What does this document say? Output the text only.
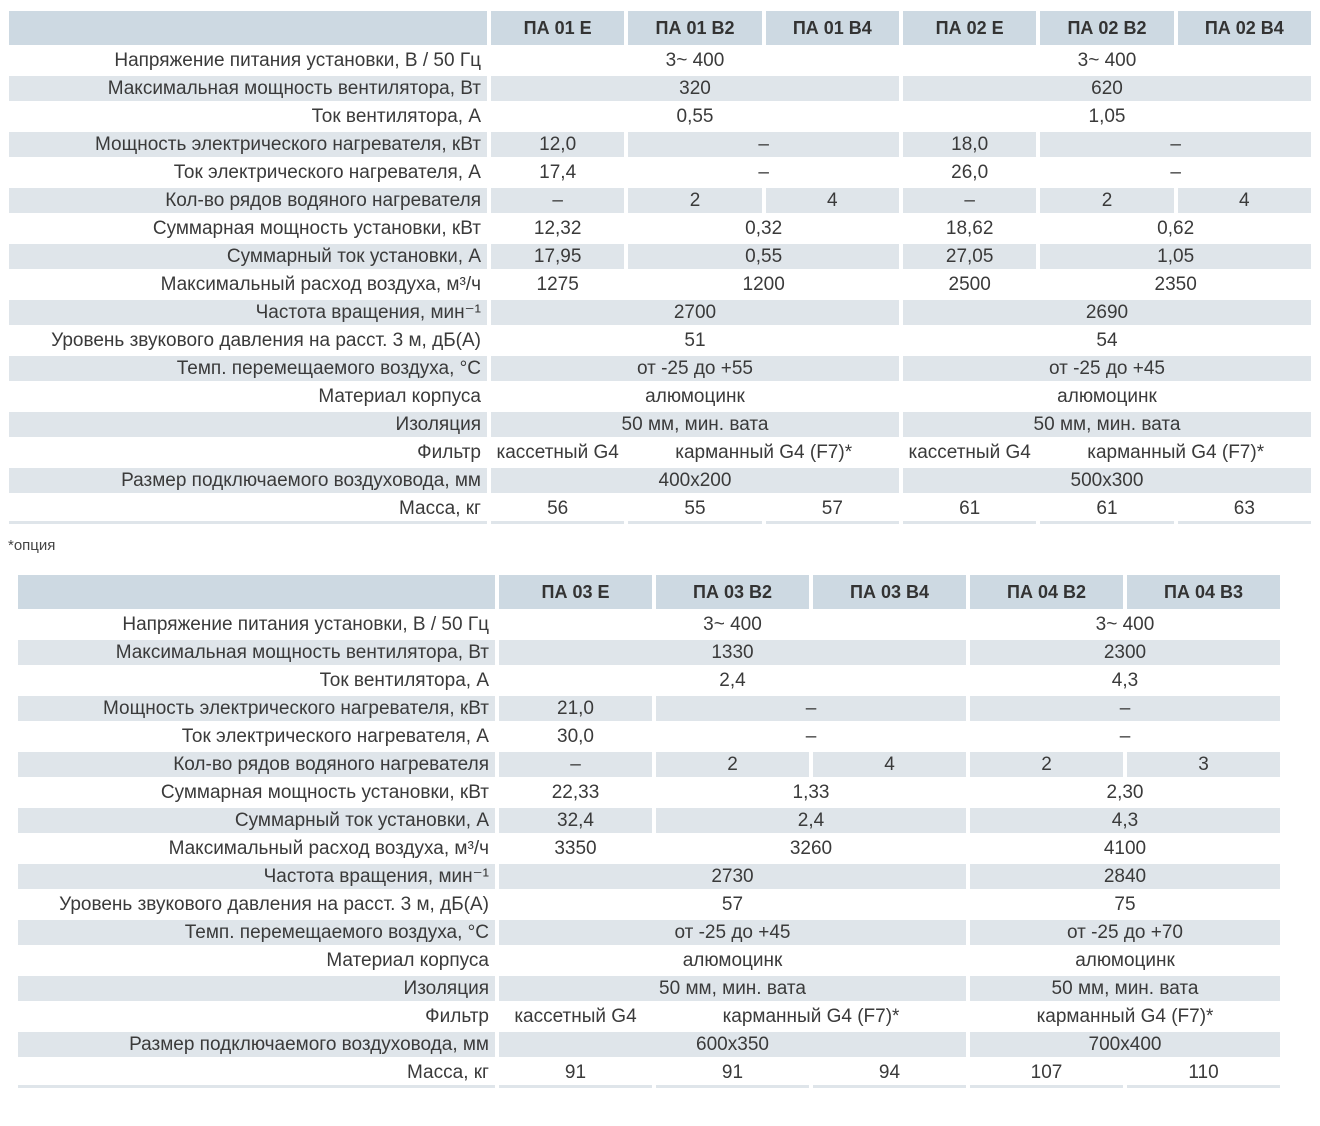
	ПА 01 E	ПА 01 B2	ПА 01 B4	ПА 02 E	ПА 02 B2	ПА 02 B4
Напряжение питания установки, В / 50 Гц	3~ 400			3~ 400		
Максимальная мощность вентилятора, Вт	320			620		
Ток вентилятора, А	0,55			1,05		
Мощность электрического нагревателя, кВт	12,0	–		18,0	–	
Ток электрического нагревателя, А	17,4	–		26,0	–	
Кол-во рядов водяного нагревателя	–	2	4	–	2	4
Суммарная мощность установки, кВт	12,32	0,32		18,62	0,62	
Суммарный ток установки, А	17,95	0,55		27,05	1,05	
Максимальный расход воздуха, м³/ч	1275	1200		2500	2350	
Частота вращения, мин⁻¹	2700			2690		
Уровень звукового давления на расст. 3 м, дБ(А)	51			54		
Темп. перемещаемого воздуха, °С	от -25 до +55			от -25 до +45		
Материал корпуса	алюмоцинк			алюмоцинк		
Изоляция	50 мм, мин. вата			50 мм, мин. вата		
Фильтр	кассетный G4	карманный G4 (F7)*		кассетный G4	карманный G4 (F7)*	
Размер подключаемого воздуховода, мм	400x200			500x300		
Масса, кг	56	55	57	61	61	63
*опция
	ПА 03 E	ПА 03 B2	ПА 03 B4	ПА 04 B2	ПА 04 B3
Напряжение питания установки, В / 50 Гц	3~ 400			3~ 400	
Максимальная мощность вентилятора, Вт	1330			2300	
Ток вентилятора, А	2,4			4,3	
Мощность электрического нагревателя, кВт	21,0	–		–	
Ток электрического нагревателя, А	30,0	–		–	
Кол-во рядов водяного нагревателя	–	2	4	2	3
Суммарная мощность установки, кВт	22,33	1,33		2,30	
Суммарный ток установки, А	32,4	2,4		4,3	
Максимальный расход воздуха, м³/ч	3350	3260		4100	
Частота вращения, мин⁻¹	2730			2840	
Уровень звукового давления на расст. 3 м, дБ(А)	57			75	
Темп. перемещаемого воздуха, °С	от -25 до +45			от -25 до +70	
Материал корпуса	алюмоцинк			алюмоцинк	
Изоляция	50 мм, мин. вата			50 мм, мин. вата	
Фильтр	кассетный G4	карманный G4 (F7)*		карманный G4 (F7)*	
Размер подключаемого воздуховода, мм	600x350			700x400	
Масса, кг	91	91	94	107	110
